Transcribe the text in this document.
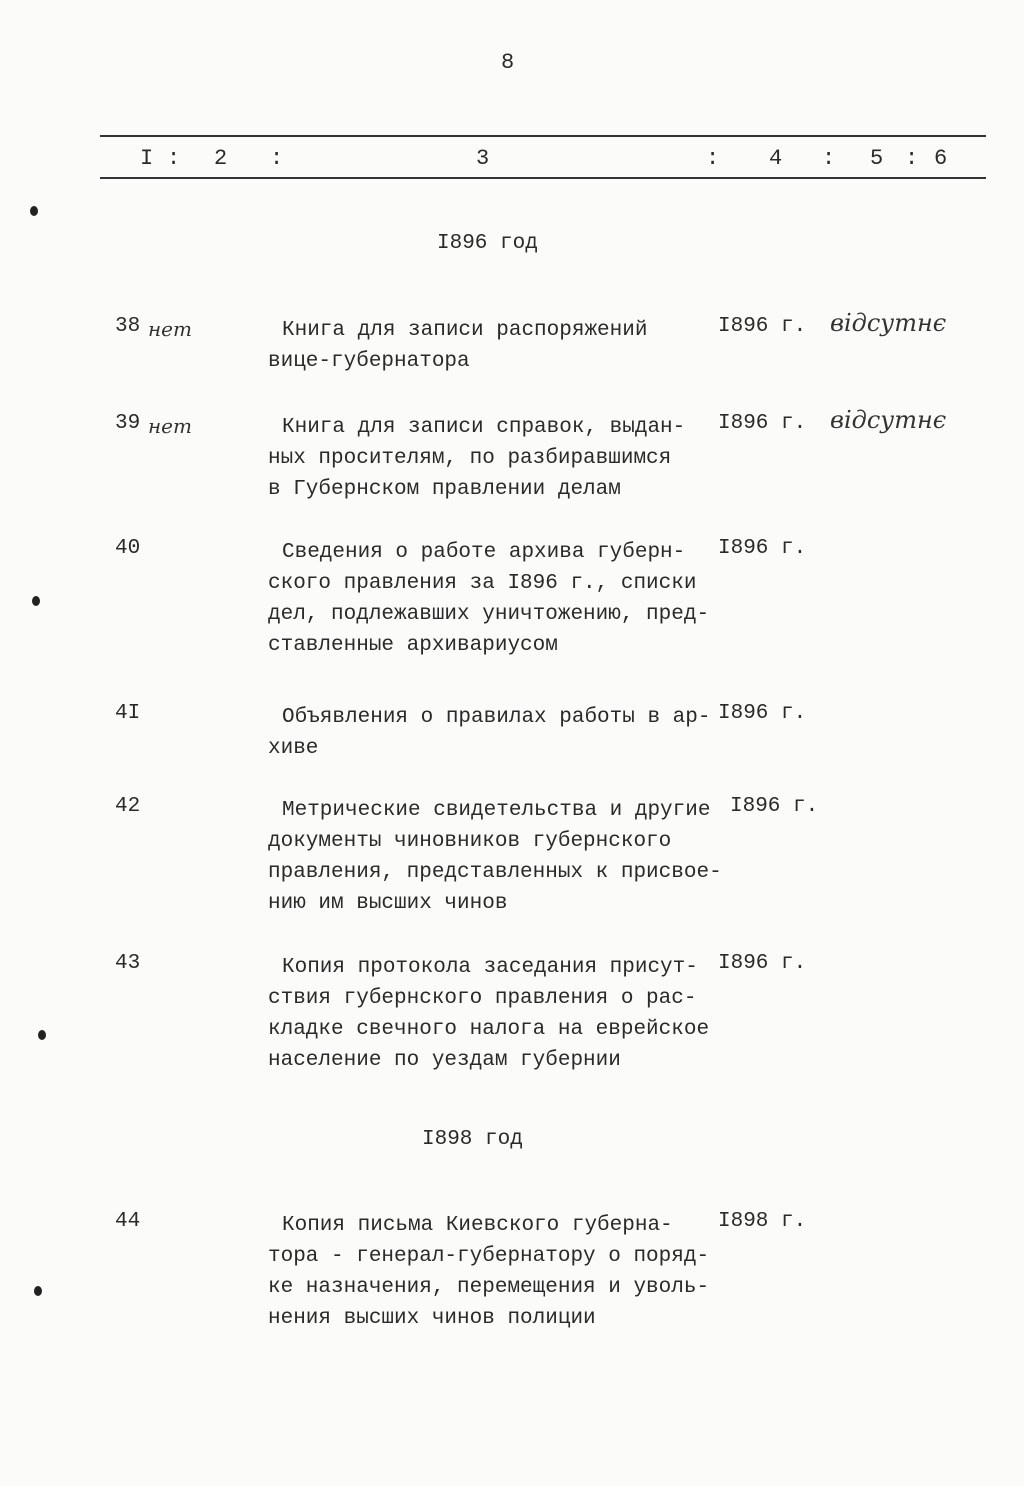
8
I : 2 :	3	: 4 : 5 : 6
I896 год
38 нет	Книга для записи распоряжений
вице-губернатора
I896 г. відсутнє
39 нет	Книга для записи справок, выдан-
ных просителям, по разбиравшимся
в Губернском правлении делам
I896 г. відсутнє
40	Сведения о работе архива губерн-
ского правления за I896 г., списки
дел, подлежавших уничтожению, пред-
ставленные архивариусом
I896 г.
4I	Объявления о правилах работы в ар-
хиве
I896 г.
42	Метрические свидетельства и другие
документы чиновников губернского
правления, представленных к присвое-
нию им высших чинов
I896 г.
43	Копия протокола заседания присут-
ствия губернского правления о рас-
кладке свечного налога на еврейское
население по уездам губернии
I896 г.
I898 год
44	Копия письма Киевского губерна-
тора - генерал-губернатору о поряд-
ке назначения, перемещения и уволь-
нения высших чинов полиции
I898 г.
